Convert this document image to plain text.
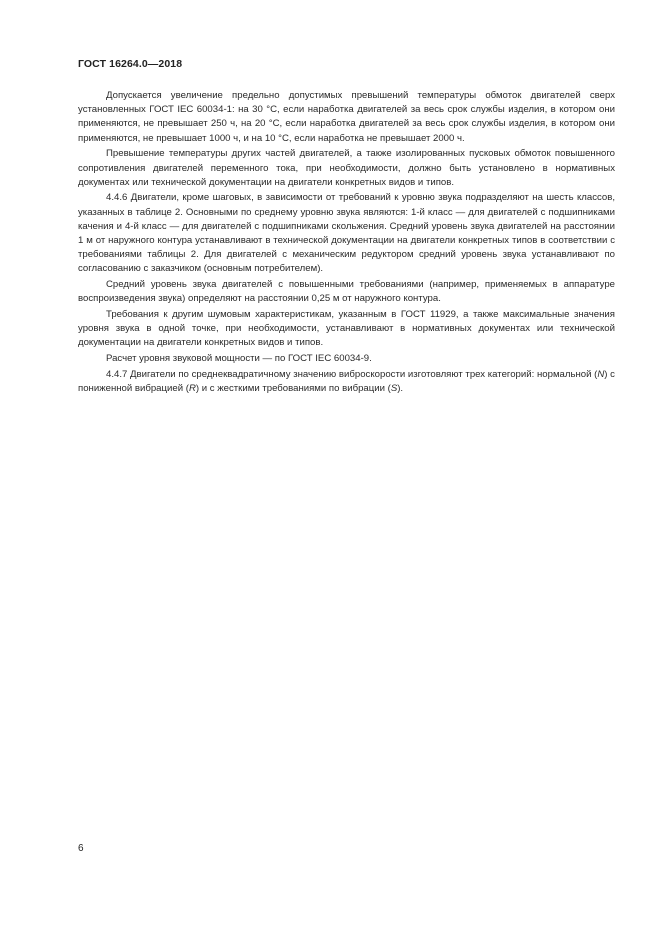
ГОСТ 16264.0—2018

Допускается увеличение предельно допустимых превышений температуры обмоток двигателей сверх установленных ГОСТ IEC 60034-1: на 30 °C, если наработка двигателей за весь срок службы изделия, в котором они применяются, не превышает 250 ч, на 20 °C, если наработка двигателей за весь срок службы изделия, в котором они применяются, не превышает 1000 ч, и на 10 °C, если наработка не превышает 2000 ч.

Превышение температуры других частей двигателей, а также изолированных пусковых обмоток повышенного сопротивления двигателей переменного тока, при необходимости, должно быть установлено в нормативных документах или технической документации на двигатели конкретных видов и типов.

4.4.6 Двигатели, кроме шаговых, в зависимости от требований к уровню звука подразделяют на шесть классов, указанных в таблице 2. Основными по среднему уровню звука являются: 1-й класс — для двигателей с подшипниками качения и 4-й класс — для двигателей с подшипниками скольжения. Средний уровень звука двигателей на расстоянии 1 м от наружного контура устанавливают в технической документации на двигатели конкретных типов в соответствии с требованиями таблицы 2. Для двигателей с механическим редуктором средний уровень звука устанавливают по согласованию с заказчиком (основным потребителем).

Средний уровень звука двигателей с повышенными требованиями (например, применяемых в аппаратуре воспроизведения звука) определяют на расстоянии 0,25 м от наружного контура.

Требования к другим шумовым характеристикам, указанным в ГОСТ 11929, а также максимальные значения уровня звука в одной точке, при необходимости, устанавливают в нормативных документах или технической документации на двигатели конкретных видов и типов.

Расчет уровня звуковой мощности — по ГОСТ IEC 60034-9.

4.4.7 Двигатели по среднеквадратичному значению виброскорости изготовляют трех категорий: нормальной (N) с пониженной вибрацией (R) и с жесткими требованиями по вибрации (S).

6
